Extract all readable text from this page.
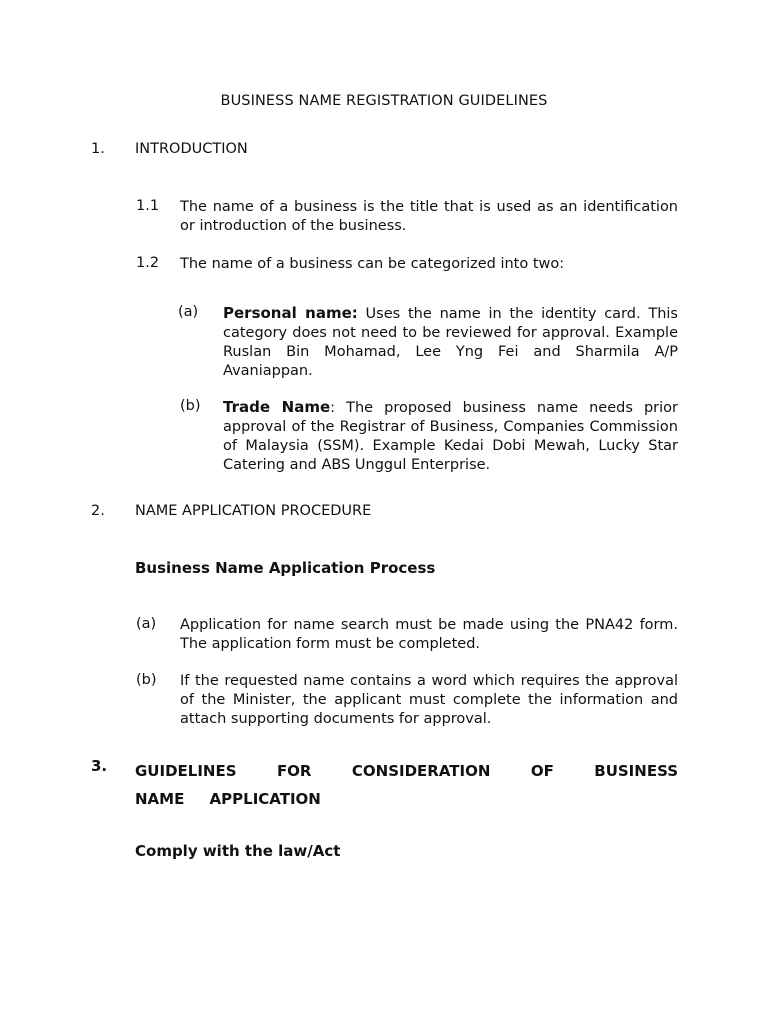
BUSINESS NAME REGISTRATION GUIDELINES
1. INTRODUCTION
1.1 The name of a business is the title that is used as an identification or introduction of the business.
1.2 The name of a business can be categorized into two:
(a) Personal name: Uses the name in the identity card. This category does not need to be reviewed for approval. Example Ruslan Bin Mohamad, Lee Yng Fei and Sharmila A/P Avaniappan.
(b) Trade Name: The proposed business name needs prior approval of the Registrar of Business, Companies Commission of Malaysia (SSM). Example Kedai Dobi Mewah, Lucky Star Catering and ABS Unggul Enterprise.
2. NAME APPLICATION PROCEDURE
Business Name Application Process
(a) Application for name search must be made using the PNA42 form. The application form must be completed.
(b) If the requested name contains a word which requires the approval of the Minister, the applicant must complete the information and attach supporting documents for approval.
3. GUIDELINES FOR CONSIDERATION OF BUSINESS NAME APPLICATION
Comply with the law/Act
